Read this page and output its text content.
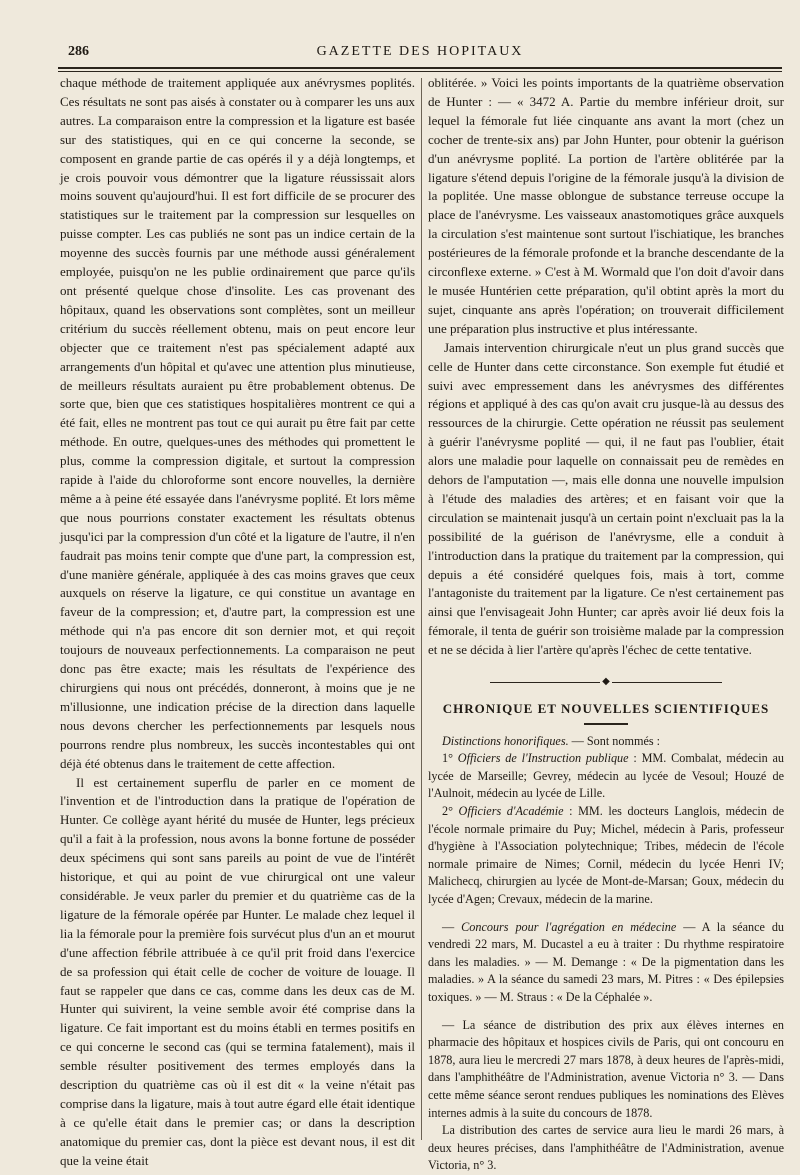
286	GAZETTE DES HOPITAUX

chaque méthode de traitement appliquée aux anévrysmes poplités. Ces résultats ne sont pas aisés à constater ou à comparer les uns aux autres. La comparaison entre la compression et la ligature est basée sur des statistiques, qui en ce qui concerne la seconde, se composent en grande partie de cas opérés il y a déjà longtemps, et je crois pouvoir vous démontrer que la ligature réussissait alors moins souvent qu'aujourd'hui. Il est fort difficile de se procurer des statistiques sur le traitement par la compression sur lesquelles on puisse compter. Les cas publiés ne sont pas un indice certain de la moyenne des succès fournis par une méthode aussi généralement employée, puisqu'on ne les publie ordinairement que parce qu'ils ont présenté quelque chose d'insolite. Les cas provenant des hôpitaux, quand les observations sont complètes, sont un meilleur critérium du succès réellement obtenu, mais on peut encore leur objecter que ce traitement n'est pas spécialement adapté aux arrangements d'un hôpital et qu'avec une attention plus minutieuse, de meilleurs résultats auraient pu être probablement obtenus. De sorte que, bien que ces statistiques hospitalières montrent ce qui a été fait, elles ne montrent pas tout ce qui aurait pu être fait par cette méthode. En outre, quelques-unes des méthodes qui promettent le plus, comme la compression digitale, et surtout la compression rapide à l'aide du chloroforme sont encore nouvelles, la dernière même a à peine été essayée dans l'anévrysme poplité. Et lors même que nous pourrions constater exactement les résultats obtenus jusqu'ici par la compression d'un côté et la ligature de l'autre, il n'en faudrait pas moins tenir compte que d'une part, la compression est, d'une manière générale, appliquée à des cas moins graves que ceux auxquels on réserve la ligature, ce qui constitue un avantage en faveur de la compression; et, d'autre part, la compression est une méthode qui n'a pas encore dit son dernier mot, et qui reçoit toujours de nouveaux perfectionnements. La comparaison ne peut donc pas être exacte; mais les résultats de l'expérience des chirurgiens qui nous ont précédés, donneront, à moins que je ne m'illusionne, une indication précise de la direction dans laquelle nous devons chercher les perfectionnements par lesquels nous pourrons rendre plus nombreux, les succès incontestables qui ont déjà été obtenus dans le traitement de cette affection.

Il est certainement superflu de parler en ce moment de l'invention et de l'introduction dans la pratique de l'opération de Hunter. Ce collège ayant hérité du musée de Hunter, legs précieux qu'il a fait à la profession, nous avons la bonne fortune de posséder deux spécimens qui sont sans pareils au point de vue de l'intérêt historique, et qui au point de vue chirurgical ont une valeur considérable. Je veux parler du premier et du quatrième cas de la ligature de la fémorale opérée par Hunter. Le malade chez lequel il lia la fémorale pour la première fois survécut plus d'un an et mourut d'une affection fébrile attribuée à ce qu'il prit froid dans l'exercice de sa profession qui était celle de cocher de voiture de louage. Il faut se rappeler que dans ce cas, comme dans les deux cas de M. Hunter qui suivirent, la veine semble avoir été comprise dans la ligature. Ce fait important est du moins établi en termes positifs en ce qui concerne le second cas (qui se termina fatalement), mais il semble résulter positivement des termes employés dans la description du quatrième cas où il est dit « la veine n'était pas comprise dans la ligature, mais à tout autre égard elle était identique à ce qu'elle était dans le premier cas; or dans la description anatomique du premier cas, dont la pièce est devant nous, il est dit que la veine était

oblitérée. » Voici les points importants de la quatrième observation de Hunter : — « 3472 A. Partie du membre inférieur droit, sur lequel la fémorale fut liée cinquante ans avant la mort (chez un cocher de trente-six ans) par John Hunter, pour obtenir la guérison d'un anévrysme poplité. La portion de l'artère oblitérée par la ligature s'étend depuis l'origine de la fémorale jusqu'à la division de la poplitée. Une masse oblongue de substance terreuse occupe la place de l'anévrysme. Les vaisseaux anastomotiques grâce auxquels la circulation s'est maintenue sont surtout l'ischiatique, les branches postérieures de la fémorale profonde et la branche descendante de la circonflexe externe. » C'est à M. Wormald que l'on doit d'avoir dans le musée Huntérien cette préparation, qu'il obtint après la mort du sujet, cinquante ans après l'opération; on trouverait difficilement une préparation plus instructive et plus intéressante.

Jamais intervention chirurgicale n'eut un plus grand succès que celle de Hunter dans cette circonstance. Son exemple fut étudié et suivi avec empressement dans les anévrysmes des différentes régions et appliqué à des cas qu'on avait cru jusque-là au dessus des ressources de la chirurgie. Cette opération ne réussit pas seulement à guérir l'anévrysme poplité — qui, il ne faut pas l'oublier, était alors une maladie pour laquelle on connaissait peu de remèdes en dehors de l'amputation —, mais elle donna une nouvelle impulsion à l'étude des maladies des artères; et en faisant voir que la circulation se maintenait jusqu'à un certain point n'excluait pas la la possibilité de la guérison de l'anévrysme, elle a conduit à l'introduction dans la pratique du traitement par la compression, qui depuis a été considéré quelques fois, mais à tort, comme l'antagoniste du traitement par la ligature. Ce n'est certainement pas ainsi que l'envisageait John Hunter; car après avoir lié deux fois la fémorale, il tenta de guérir son troisième malade par la compression et ne se décida à lier l'artère qu'après l'échec de cette tentative.

◆
CHRONIQUE ET NOUVELLES SCIENTIFIQUES

Distinctions honorifiques. — Sont nommés :

1° Officiers de l'Instruction publique : MM. Combalat, médecin au lycée de Marseille; Gevrey, médecin au lycée de Vesoul; Houzé de l'Aulnoit, médecin au lycée de Lille.

2° Officiers d'Académie : MM. les docteurs Langlois, médecin de l'école normale primaire du Puy; Michel, médecin à Paris, professeur d'hygiène à l'Association polytechnique; Tribes, médecin de l'école normale primaire de Nimes; Cornil, médecin du lycée Henri IV; Malichecq, chirurgien au lycée de Mont-de-Marsan; Goux, médecin du lycée d'Agen; Crevaux, médecin de la marine.

— Concours pour l'agrégation en médecine — A la séance du vendredi 22 mars, M. Ducastel a eu à traiter : Du rhythme respiratoire dans les maladies. » — M. Demange : « De la pigmentation dans les maladies. » A la séance du samedi 23 mars, M. Pitres : « Des épilepsies toxiques. » — M. Straus : « De la Céphalée ».

— La séance de distribution des prix aux élèves internes en pharmacie des hôpitaux et hospices civils de Paris, qui ont concouru en 1878, aura lieu le mercredi 27 mars 1878, à deux heures de l'après-midi, dans l'amphithéâtre de l'Administration, avenue Victoria n° 3. — Dans cette même séance seront rendues publiques les nominations des Elèves internes admis à la suite du concours de 1878.

La distribution des cartes de service aura lieu le mardi 26 mars, à deux heures précises, dans l'amphithéâtre de l'Administration, avenue Victoria, n° 3.
